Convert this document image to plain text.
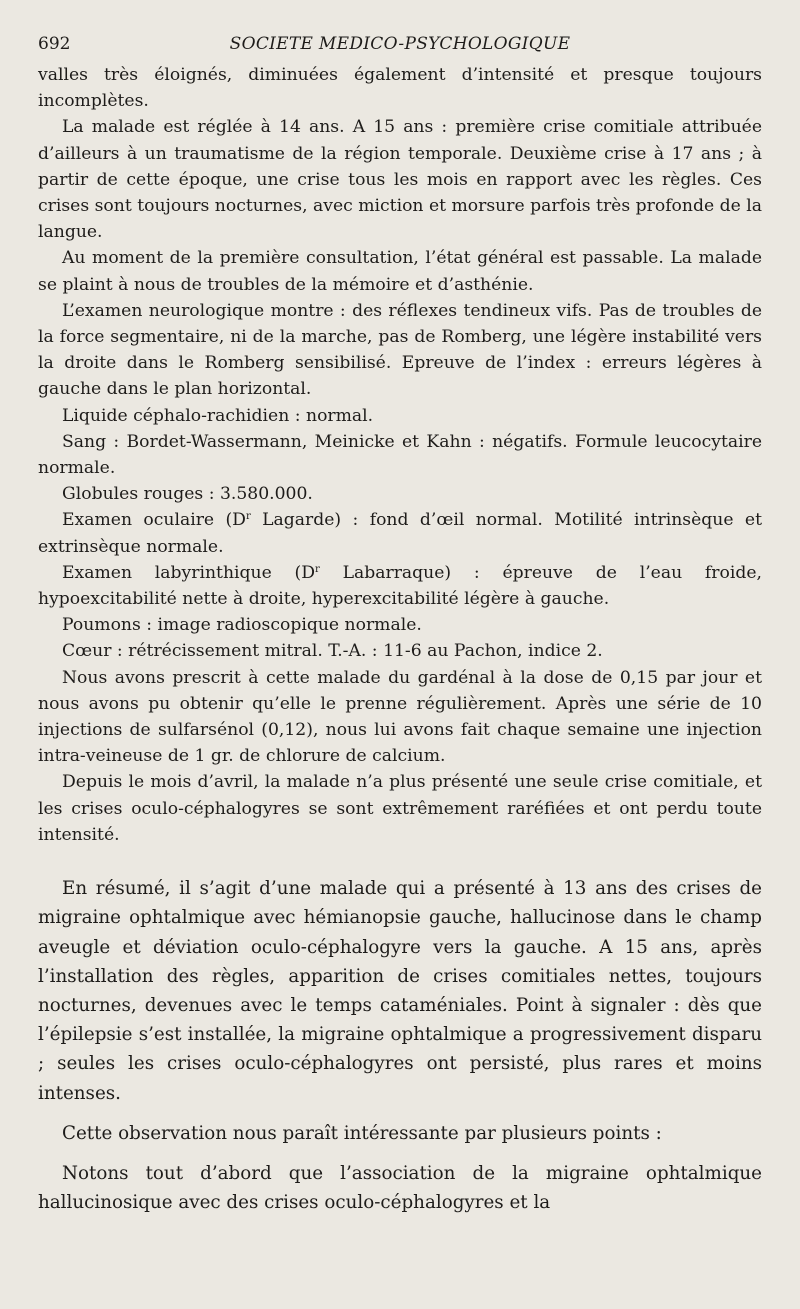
692	SOCIETE MEDICO-PSYCHOLOGIQUE

valles très éloignés, diminuées également d’intensité et presque toujours incomplètes.

La malade est réglée à 14 ans. A 15 ans : première crise comitiale attribuée d’ailleurs à un traumatisme de la région temporale. Deuxième crise à 17 ans ; à partir de cette époque, une crise tous les mois en rapport avec les règles. Ces crises sont toujours nocturnes, avec miction et morsure parfois très profonde de la langue.

Au moment de la première consultation, l’état général est passable. La malade se plaint à nous de troubles de la mémoire et d’asthénie.

L’examen neurologique montre : des réflexes tendineux vifs. Pas de troubles de la force segmentaire, ni de la marche, pas de Romberg, une légère instabilité vers la droite dans le Romberg sensibilisé. Epreuve de l’index : erreurs légères à gauche dans le plan horizontal.

Liquide céphalo-rachidien : normal.

Sang : Bordet-Wassermann, Meinicke et Kahn : négatifs. Formule leucocytaire normale.

Globules rouges : 3.580.000.

Examen oculaire ($D^r$ Lagarde) : fond d’œil normal. Motilité intrinsèque et extrinsèque normale.

Examen labyrinthique ($D^r$ Labarraque) : épreuve de l’eau froide, hypoexcitabilité nette à droite, hyperexcitabilité légère à gauche.

Poumons : image radioscopique normale.

Cœur : rétrécissement mitral. T.-A. : 11-6 au Pachon, indice 2.

Nous avons prescrit à cette malade du gardénal à la dose de 0,15 par jour et nous avons pu obtenir qu’elle le prenne régulièrement. Après une série de 10 injections de sulfarsénol (0,12), nous lui avons fait chaque semaine une injection intra-veineuse de 1 gr. de chlorure de calcium.

Depuis le mois d’avril, la malade n’a plus présenté une seule crise comitiale, et les crises oculo-céphalogyres se sont extrêmement raréfiées et ont perdu toute intensité.

En résumé, il s’agit d’une malade qui a présenté à 13 ans des crises de migraine ophtalmique avec hémianopsie gauche, hallucinose dans le champ aveugle et déviation oculo-céphalogyre vers la gauche. A 15 ans, après l’installation des règles, apparition de crises comitiales nettes, toujours nocturnes, devenues avec le temps cataméniales. Point à signaler : dès que l’épilepsie s’est installée, la migraine ophtalmique a progressivement disparu ; seules les crises oculo-céphalogyres ont persisté, plus rares et moins intenses.

Cette observation nous paraît intéressante par plusieurs points :

Notons tout d’abord que l’association de la migraine ophtalmique hallucinosique avec des crises oculo-céphalogyres et la
